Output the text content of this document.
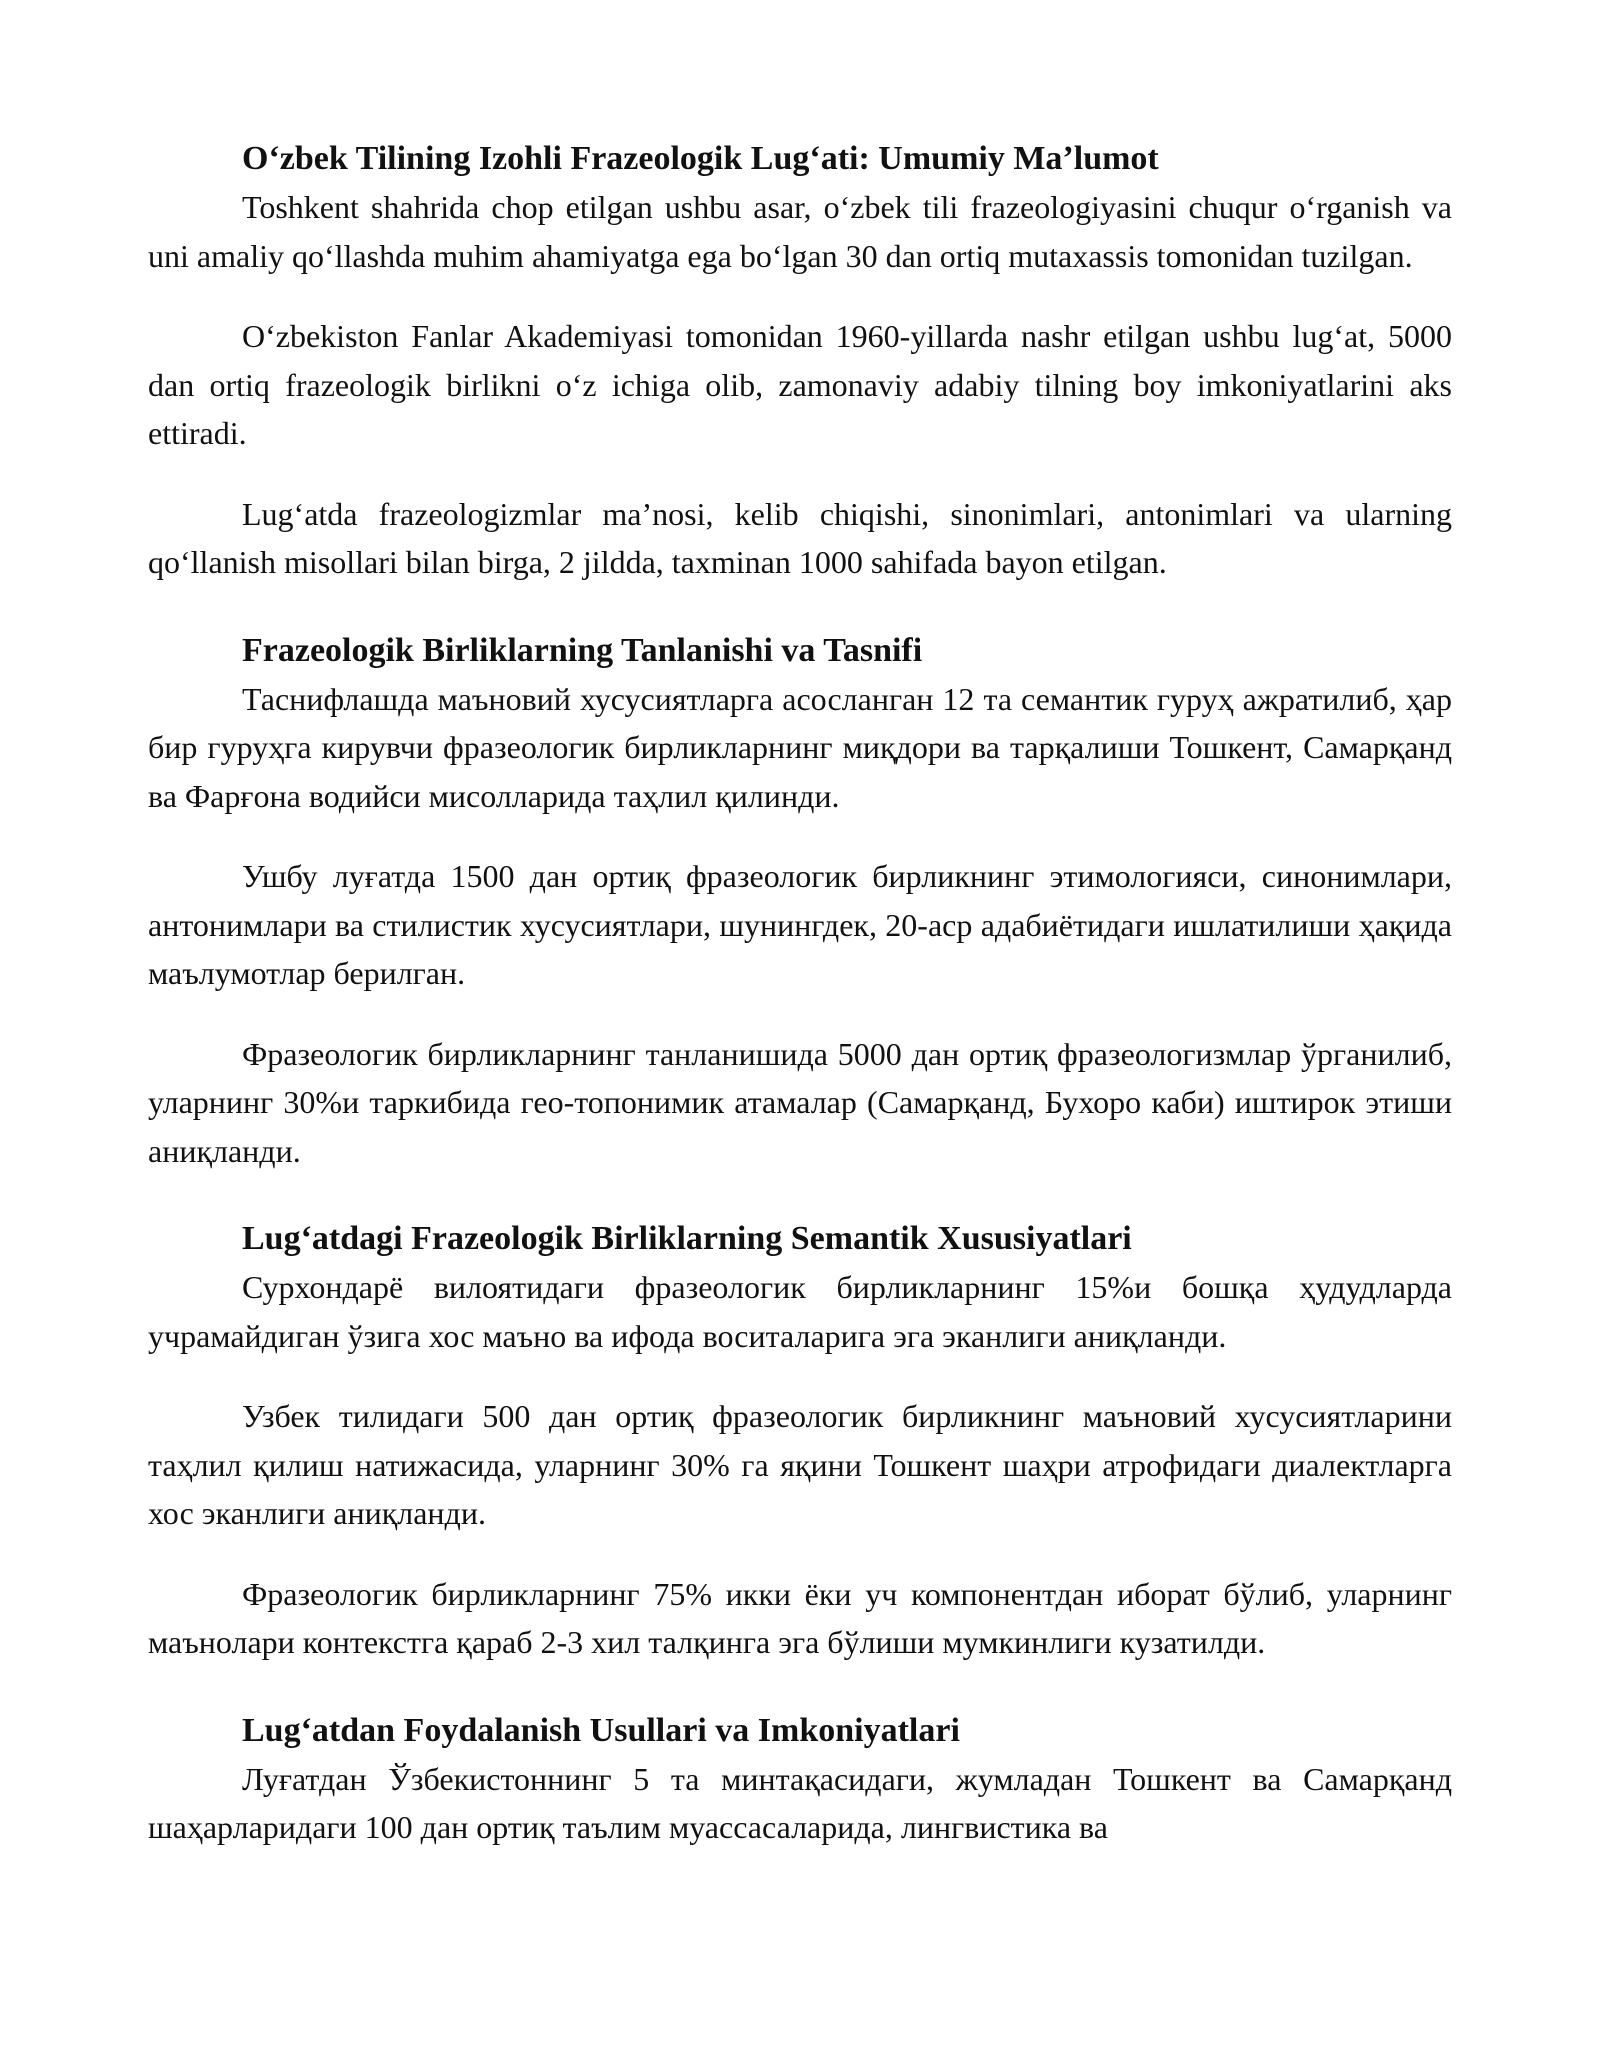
Oʻzbek Tilining Izohli Frazeologik Lugʻati: Umumiy Maʼlumot

Toshkent shahrida chop etilgan ushbu asar, oʻzbek tili frazeologiyasini chuqur oʻrganish va uni amaliy qoʻllashda muhim ahamiyatga ega boʻlgan 30 dan ortiq mutaxassis tomonidan tuzilgan.

Oʻzbekiston Fanlar Akademiyasi tomonidan 1960-yillarda nashr etilgan ushbu lugʻat, 5000 dan ortiq frazeologik birlikni oʻz ichiga olib, zamonaviy adabiy tilning boy imkoniyatlarini aks ettiradi.

Lugʻatda frazeologizmlar maʼnosi, kelib chiqishi, sinonimlari, antonimlari va ularning qoʻllanish misollari bilan birga, 2 jildda, taxminan 1000 sahifada bayon etilgan.

Frazeologik Birliklarning Tanlanishi va Tasnifi

Таснифлашда маъновий хусусиятларга асосланган 12 та семантик гуруҳ ажратилиб, ҳар бир гуруҳга кирувчи фразеологик бирликларнинг миқдори ва тарқалиши Тошкент, Самарқанд ва Фарғона водийси мисолларида таҳлил қилинди.

Ушбу луғатда 1500 дан ортиқ фразеологик бирликнинг этимологияси, синонимлари, антонимлари ва стилистик хусусиятлари, шунингдек, 20-аср адабиётидаги ишлатилиши ҳақида маълумотлар берилган.

Фразеологик бирликларнинг танланишида 5000 дан ортиқ фразеологизмлар ўрганилиб, уларнинг 30%и таркибида гео-топонимик атамалар (Самарқанд, Бухоро каби) иштирок этиши аниқланди.

Lugʻatdagi Frazeologik Birliklarning Semantik Xususiyatlari

Сурхондарё вилоятидаги фразеологик бирликларнинг 15%и бошқа ҳудудларда учрамайдиган ўзига хос маъно ва ифода воситаларига эга эканлиги аниқланди.

Узбек тилидаги 500 дан ортиқ фразеологик бирликнинг маъновий хусусиятларини таҳлил қилиш натижасида, уларнинг 30% га яқини Тошкент шаҳри атрофидаги диалектларга хос эканлиги аниқланди.

Фразеологик бирликларнинг 75% икки ёки уч компонентдан иборат бўлиб, уларнинг маънолари контекстга қараб 2-3 хил талқинга эга бўлиши мумкинлиги кузатилди.

Lugʻatdan Foydalanish Usullari va Imkoniyatlari

Луғатдан Ўзбекистоннинг 5 та минтақасидаги, жумладан Тошкент ва Самарқанд шаҳарларидаги 100 дан ортиқ таълим муассасаларида, лингвистика ва
